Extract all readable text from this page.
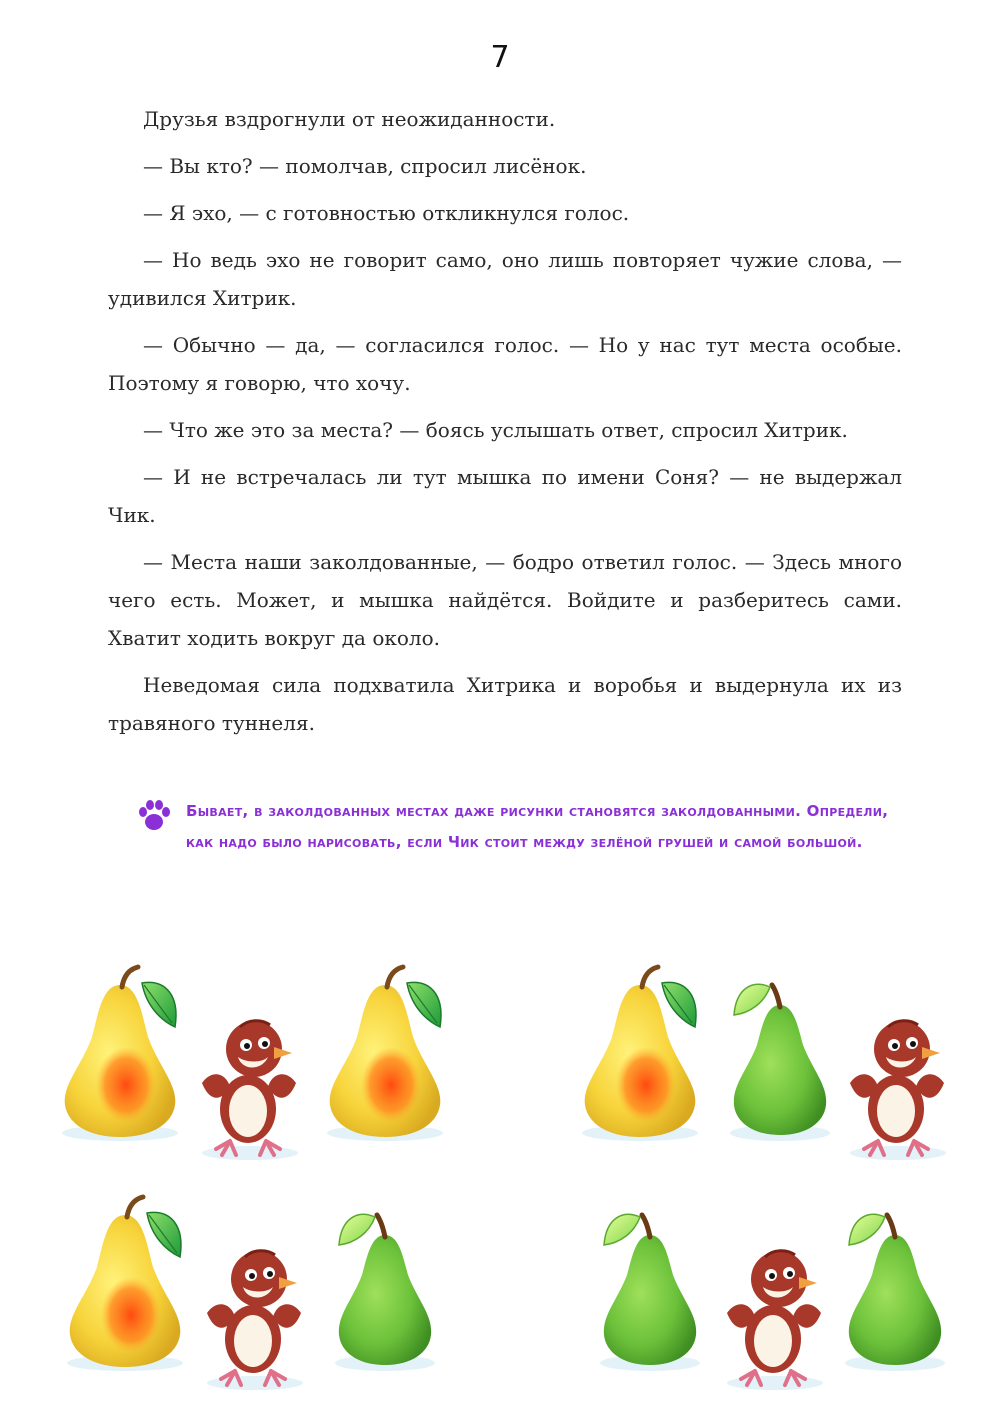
7

Друзья вздрогнули от неожиданности.

— Вы кто? — помолчав, спросил лисёнок.

— Я эхо, — с готовностью откликнулся голос.

— Но ведь эхо не говорит само, оно лишь повторяет чужие слова, — удивился Хитрик.

— Обычно — да, — согласился голос. — Но у нас тут места особые. Поэтому я говорю, что хочу.

— Что же это за места? — боясь услышать ответ, спросил Хитрик.

— И не встречалась ли тут мышка по имени Соня? — не выдержал Чик.

— Места наши заколдованные, — бодро ответил голос. — Здесь много чего есть. Может, и мышка найдётся. Войдите и разберитесь сами. Хватит ходить вокруг да около.

Неведомая сила подхватила Хитрика и воробья и выдернула их из травяного туннеля.

Бывает, в заколдованных местах даже рисунки становятся заколдованными. Определи, как надо было нарисовать, если Чик стоит между зелёной грушей и самой большой.
